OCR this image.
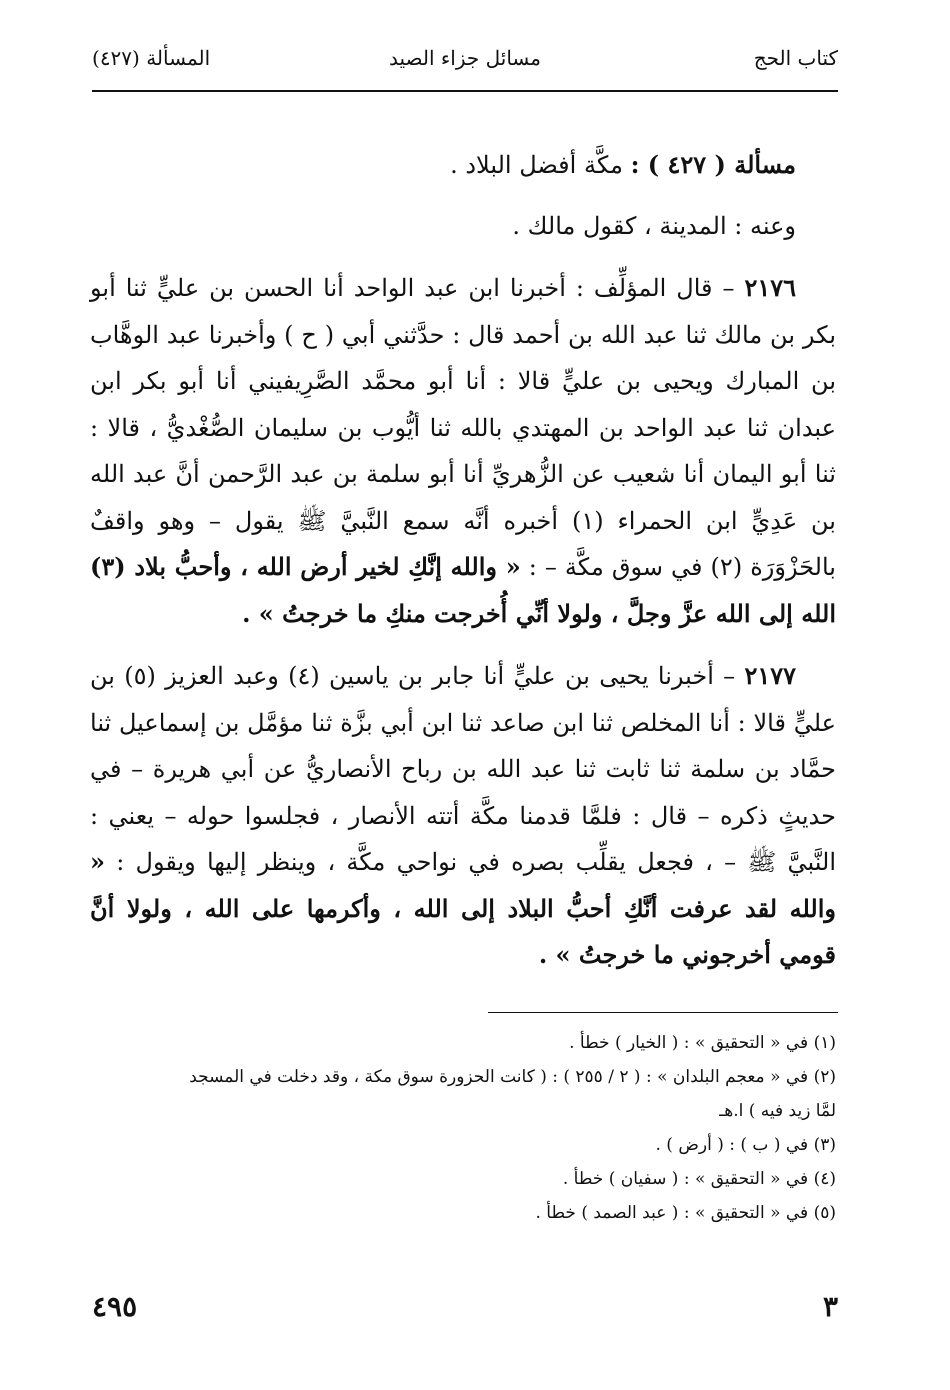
كتاب الحج
مسائل جزاء الصيد
المسألة (٤٢٧)

مسألة ( ٤٢٧ ) : مكَّة أفضل البلاد .

وعنه : المدينة ، كقول مالك .

٢١٧٦ – قال المؤلِّف : أخبرنا ابن عبد الواحد أنا الحسن بن عليٍّ ثنا أبو بكر بن مالك ثنا عبد الله بن أحمد قال : حدَّثني أبي ( ح ) وأخبرنا عبد الوهَّاب بن المبارك ويحيى بن عليٍّ قالا : أنا أبو محمَّد الصَّرِيفيني أنا أبو بكر ابن عبدان ثنا عبد الواحد بن المهتدي بالله ثنا أيُّوب بن سليمان الصُّغْديُّ ، قالا : ثنا أبو اليمان أنا شعيب عن الزُّهريِّ أنا أبو سلمة بن عبد الرَّحمن أنَّ عبد الله بن عَدِيٍّ ابن الحمراء (١) أخبره أنَّه سمع النَّبيَّ ﷺ يقول – وهو واقفٌ بالحَزْوَرَة (٢) في سوق مكَّة – : « والله إنَّكِ لخير أرض الله ، وأحبُّ بلاد (٣) الله إلى الله عزَّ وجلَّ ، ولولا أنِّي أُخرجت منكِ ما خرجتُ » .

٢١٧٧ – أخبرنا يحيى بن عليٍّ أنا جابر بن ياسين (٤) وعبد العزيز (٥) بن عليٍّ قالا : أنا المخلص ثنا ابن صاعد ثنا ابن أبي بزَّة ثنا مؤمَّل بن إسماعيل ثنا حمَّاد بن سلمة ثنا ثابت ثنا عبد الله بن رباح الأنصاريُّ عن أبي هريرة – في حديثٍ ذكره – قال : فلمَّا قدمنا مكَّة أتته الأنصار ، فجلسوا حوله – يعني : النَّبيَّ ﷺ – ، فجعل يقلِّب بصره في نواحي مكَّة ، وينظر إليها ويقول : « والله لقد عرفت أنَّكِ أحبُّ البلاد إلى الله ، وأكرمها على الله ، ولولا أنَّ قومي أخرجوني ما خرجتُ » .

(١) في « التحقيق » : ( الخيار ) خطأ .
(٢) في « معجم البلدان » : ( ٢ / ٢٥٥ ) : ( كانت الحزورة سوق مكة ، وقد دخلت في المسجد
لمَّا زيد فيه ) ا.هـ
(٣) في ( ب ) : ( أرض ) .
(٤) في « التحقيق » : ( سفيان ) خطأ .
(٥) في « التحقيق » : ( عبد الصمد ) خطأ .
٣
٤٩٥
